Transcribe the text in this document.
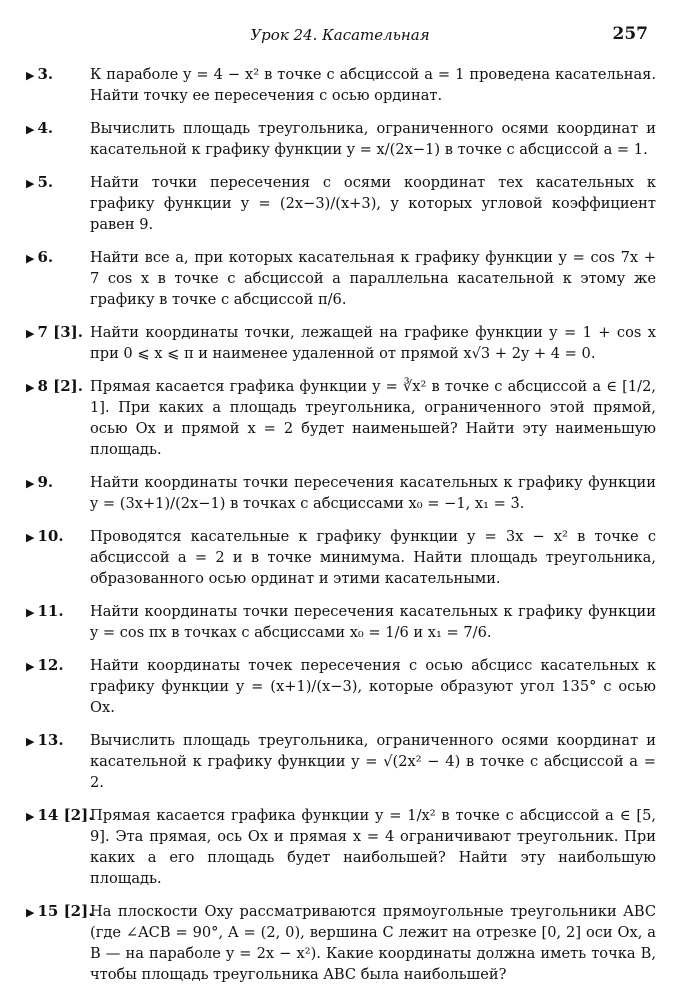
Урок 24. Касательная	257
▶ 3.	К параболе y = 4 − x² в точке с абсциссой a = 1 проведена касательная. Найти точку ее пересечения с осью ординат.
▶ 4.	Вычислить площадь треугольника, ограниченного осями координат и касательной к графику функции y = x/(2x−1) в точке с абсциссой a = 1.
▶ 5.	Найти точки пересечения с осями координат тех касательных к графику функции y = (2x−3)/(x+3), у которых угловой коэффициент равен 9.
▶ 6.	Найти все a, при которых касательная к графику функции y = cos 7x + 7 cos x в точке с абсциссой a параллельна касательной к этому же графику в точке с абсциссой π/6.
▶ 7 [3]. Найти координаты точки, лежащей на графике функции y = 1 + cos x при 0 ⩽ x ⩽ π и наименее удаленной от прямой x√3 + 2y + 4 = 0.
▶ 8 [2]. Прямая касается графика функции y = ∛x² в точке с абсциссой a ∈ [1/2, 1]. При каких a площадь треугольника, ограниченного этой прямой, осью Ox и прямой x = 2 будет наименьшей? Найти эту наименьшую площадь.
▶ 9.	Найти координаты точки пересечения касательных к графику функции y = (3x+1)/(2x−1) в точках с абсциссами x₀ = −1, x₁ = 3̇.
▶ 10. Проводятся касательные к графику функции y = 3x − x² в точке с абсциссой a = 2 и в точке минимума. Найти площадь треугольника, образованного осью ординат и этими касательными.
▶ 11. Найти координаты точки пересечения касательных к графику функции y = cos πx в точках с абсциссами x₀ = 1/6 и x₁ = 7/6.
▶ 12. Найти координаты точек пересечения с осью абсцисс касательных к графику функции y = (x+1)/(x−3), которые образуют угол 135° с осью Ox.
▶ 13. Вычислить площадь треугольника, ограниченного осями координат и касательной к графику функции y = √(2x² − 4) в точке с абсциссой a = 2.
▶ 14 [2].
Прямая касается графика функции y = 1/x² в точке с абсциссой a ∈ [5, 9]. Эта прямая, ось Ox и прямая x = 4 ограничивают треугольник. При каких a его площадь будет наибольшей? Найти эту наибольшую площадь.
▶ 15 [2].
На плоскости Oxy рассматриваются прямоугольные треугольники ABC (где ∠ACB = 90°, A = (2, 0), вершина C лежит на отрезке [0, 2] оси Ox, а B — на параболе y = 2x − x²). Какие координаты должна иметь точка B, чтобы площадь треугольника ABC была наибольшей?
